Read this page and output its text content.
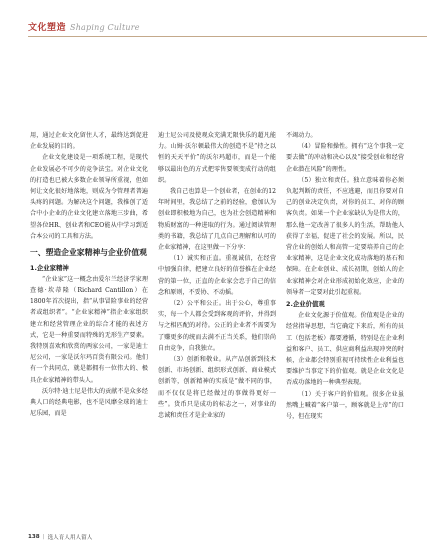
文化塑造 Shaping Culture

用，通过企业文化留住人才，最终达到促进企业发展的目的。

企业文化建设是一项系统工程，是现代企业发展必不可少的竞争法宝。对企业文化的打造也已被大多数企业领导所重视，但如何让文化很好地落地，则成为令管理者普遍头疼的问题。为解决这个问题，我推创了适合中小企业的企业文化建立落地三步曲，希望各位HR、创业者和CEO能从中学习到适合本公司的工具和方法。

一、塑造企业家精神与企业价值观
1.企业家精神

“企业家”这一概念由爱尔兰经济学家理查德·坎蒂隆（Richard Cantillon）在1800年首次提出，指“从事冒险事业的经营者或组织者”。“企业家精神”指企业家组织建立和经营管理企业的综合才能的表述方式，它是一种重要而特殊的无形生产要素。我特别喜欢和欣赏的两家公司，一家是迪士尼公司，一家是沃尔玛百货有限公司。他们有一个共同点，就是都拥有一位伟大的、极具企业家精神的带头人。

沃尔特·迪士尼是伟大的贡献不是众多经典人口的经典电影，也不是风靡全球的迪士尼乐园，而是

迪士尼公司及使观众充满无限快乐的超凡能力。山姆·沃尔顿最伟大的创造不是“持之以恒的天天平价”的沃尔玛超市，而是一个能够以最出色的方式把零售要领变成行动的组织。

我自己也算是一个创业者，在创业的12年时间里，我总结了之前的经验，愈加认为创业即积极地为自己，也为社会创造精神和物质财富的一种进取的行为。通过阅读管理类的书籍，我总结了几点自己理解和认可的企业家精神，在这里做一下分享：

（1）诚实和正直。重视诚信，在经营中加强自律，把建立良好的信誉推在企业经营的第一位，正直的企业家会忠于自己的信念和原则，不妥协、不动摇。

（2）公平和公正。出于公心，尊重事实，每一个人都会受到客观的评价，并得到与之相匹配的对待。公正的企业者不需要为了赚更多的统而去满不正当关系，他们崇尚自由竞争，自我独立。

（3）创新和敬业。从产品创新到技术创新、市场创新、组织形式创新、商业模式创新等，创新精神的实质是“做不同的事，而不仅仅是将已经做过的事做得更好一些”。货币只是成功的标志之一，对事业的忠诚和责任才是企业家的

不竭动力。

（4）冒险和操性。拥有“这个事我一定要去做”的冲动和决心以及“接受创业和经营企业潜在风险”的理性。

（5）独立和责任。独立意味着你必须负起判断的责任，不应逃避，而且你要对自己的创业决定负责，对你的员工、对你的顾客负责。如果一个企业家缺认为是伟大的，那么他一定改善了很多人的生活，帮助他人获得了幸福，促进了社会的发展。所以，民营企业的创始人和高管一定要培养自己的企业家精神，这是企业文化成功落地的基石和保障。在企业创业、成长初期，创始人的企业家精神会对企业形成初始化效应，企业的领导者一定要对此引起重视。

2.企业价值观

企业文化源于价值观。价值观是企业的经营指导思想，当它确定下来后，所有的员工（包括老板）都要遵循，特别是在企业利益和客户、员工、供应商利益出现冲突的时候，企业都会特别重视可持续性企业利益也要维护当事定下的价值观。就是企业文化是否成功落地的一种典型表现。

（1）关于客户的价值观。很多企业虽然嘴上喊着“客户第一，顾客就是上帝”的口号，但在现实

138 | 选人育人用人留人
